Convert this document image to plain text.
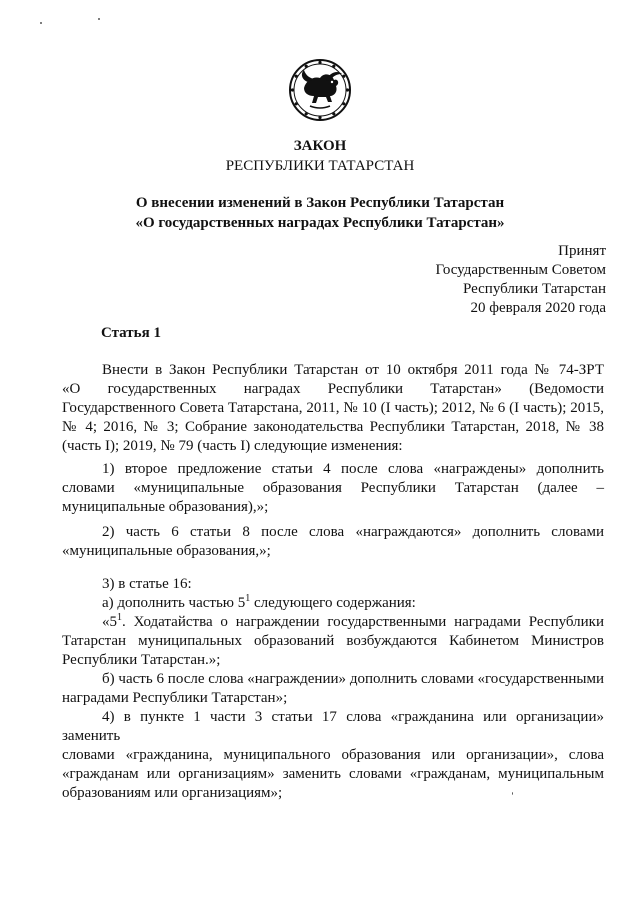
ЗАКОН
РЕСПУБЛИКИ ТАТАРСТАН
О внесении изменений в Закон Республики Татарстан
«О государственных наградах Республики Татарстан»
Принят
Государственным Советом
Республики Татарстан
20 февраля 2020 года
Статья 1
Внести в Закон Республики Татарстан от 10 октября 2011 года № 74-ЗРТ
«О государственных наградах Республики Татарстан» (Ведомости
Государственного Совета Татарстана, 2011, № 10 (I часть); 2012, № 6 (I часть); 2015,
№ 4; 2016, № 3; Собрание законодательства Республики Татарстан, 2018, № 38
(часть I); 2019, № 79 (часть I) следующие изменения:
1) второе предложение статьи 4 после слова «награждены» дополнить
словами «муниципальные образования Республики Татарстан (далее –
муниципальные образования),»;
2) часть 6 статьи 8 после слова «награждаются» дополнить словами
«муниципальные образования,»;
3) в статье 16:
а) дополнить частью $5^1$ следующего содержания:
«$5^1$. Ходатайства о награждении государственными наградами Республики
Татарстан муниципальных образований возбуждаются Кабинетом Министров
Республики Татарстан.»;
б) часть 6 после слова «награждении» дополнить словами «государственными
наградами Республики Татарстан»;
4) в пункте 1 части 3 статьи 17 слова «гражданина или организации» заменить
словами «гражданина, муниципального образования или организации», слова
«гражданам или организациям» заменить словами «гражданам, муниципальным
образованиям или организациям»;
